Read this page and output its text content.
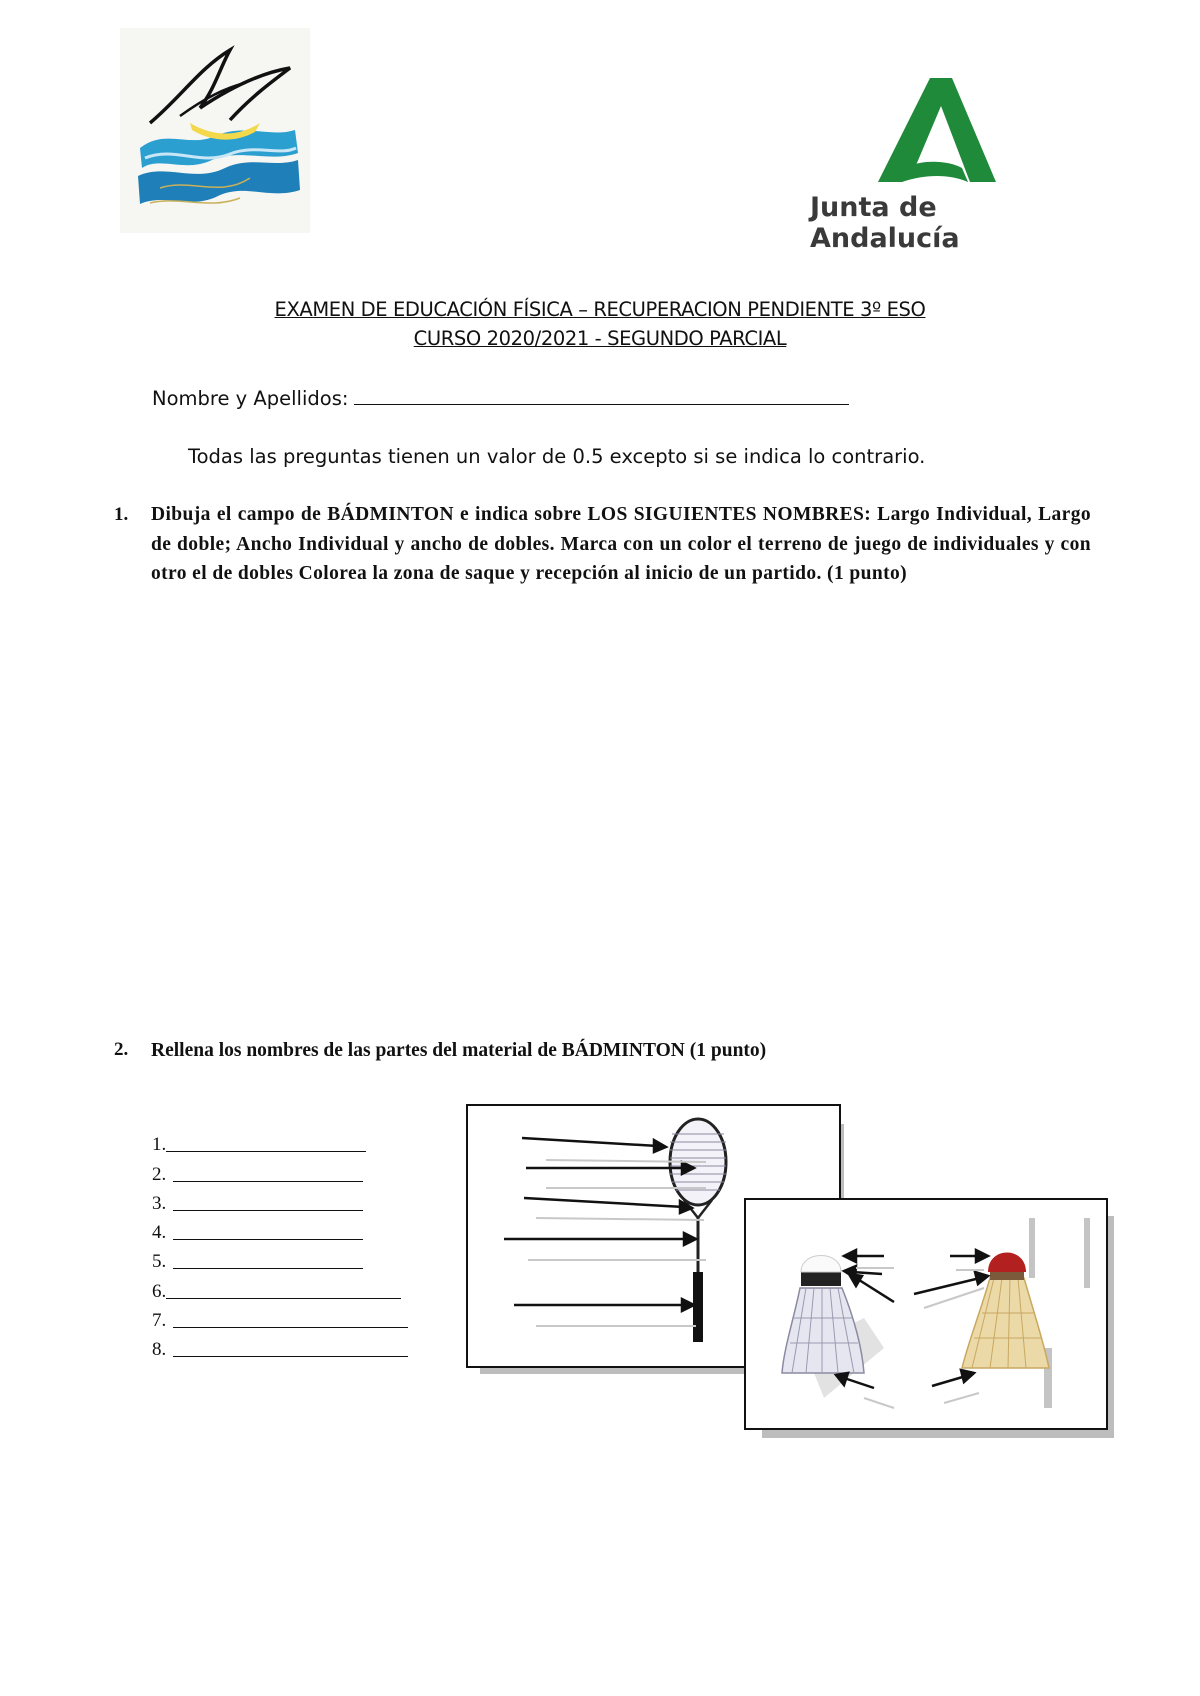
Junta de Andalucía
EXAMEN DE EDUCACIÓN FÍSICA – RECUPERACION PENDIENTE 3º ESO
CURSO 2020/2021 - SEGUNDO PARCIAL
Nombre y Apellidos:
Todas las preguntas tienen un valor de 0.5 excepto si se indica lo contrario.
1. Dibuja el campo de BÁDMINTON e indica sobre LOS SIGUIENTES NOMBRES: Largo Individual, Largo de doble; Ancho Individual y ancho de dobles. Marca con un color el terreno de juego de individuales y con otro el de dobles Colorea la zona de saque y recepción al inicio de un partido. (1 punto)
2. Rellena los nombres de las partes del material de BÁDMINTON (1 punto)
1.
2.
3.
4.
5.
6.
7.
8.
